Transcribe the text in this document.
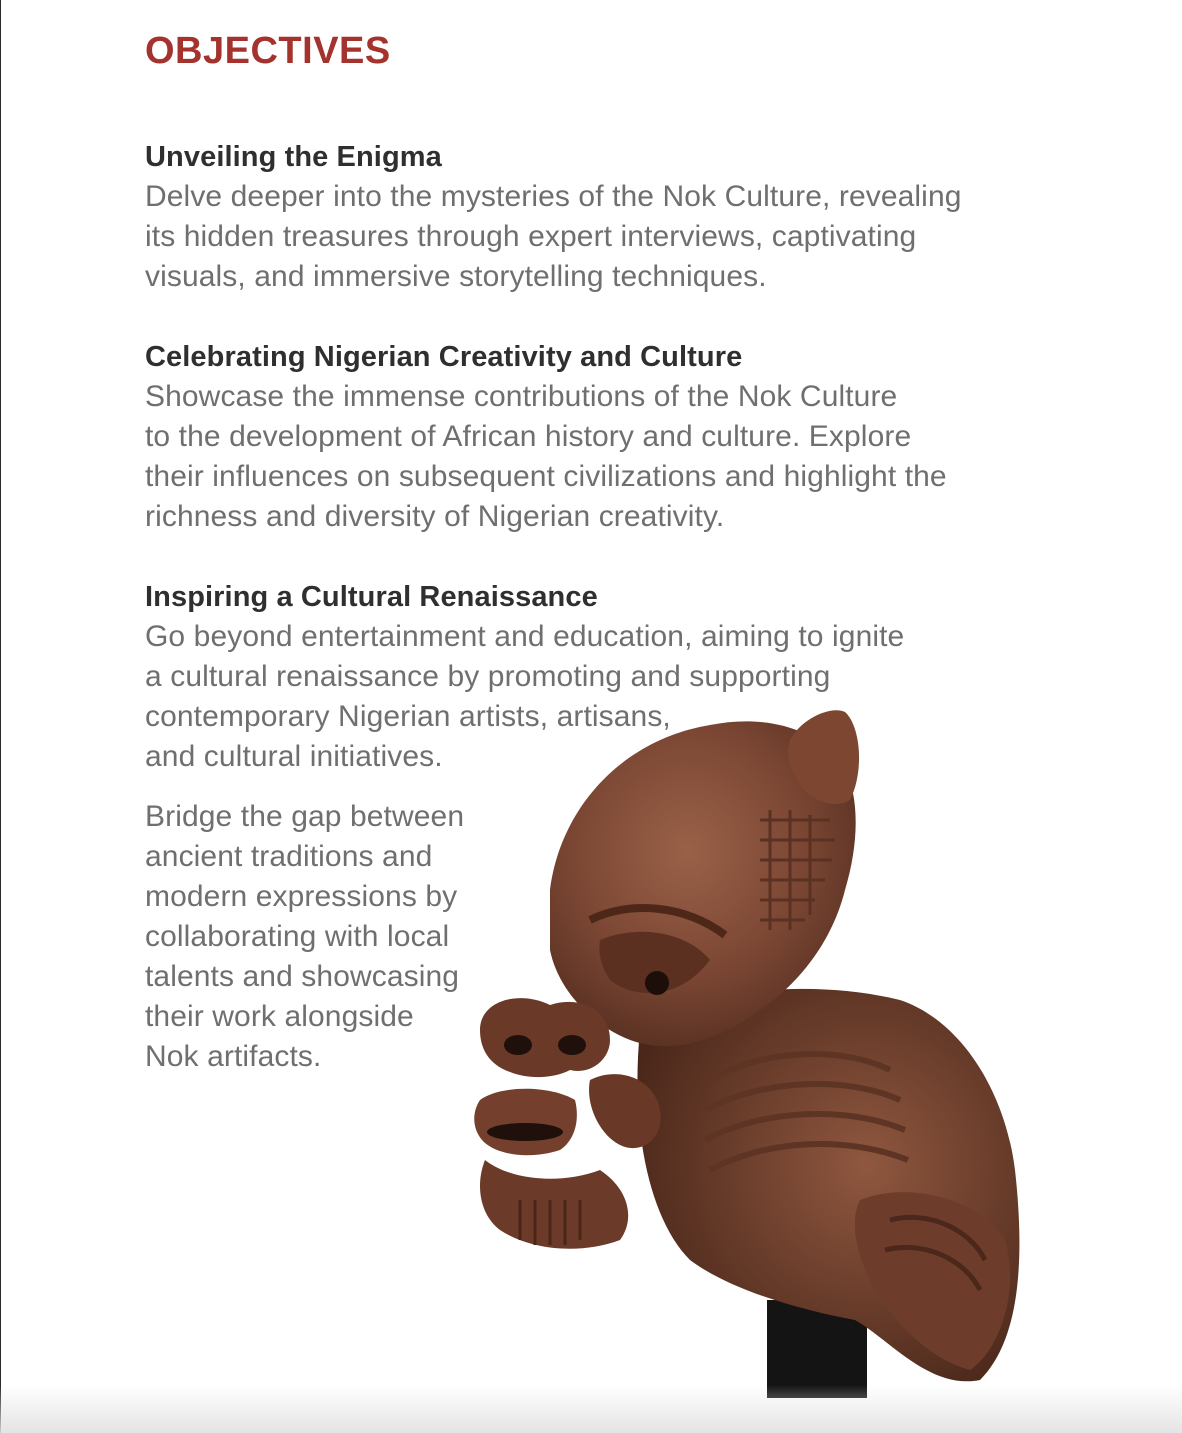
OBJECTIVES
Unveiling the Enigma

Delve deeper into the mysteries of the Nok Culture, revealing

its hidden treasures through expert interviews, captivating

visuals, and immersive storytelling techniques.

Celebrating Nigerian Creativity and Culture

Showcase the immense contributions of the Nok Culture

to the development of African history and culture. Explore

their influences on subsequent civilizations and highlight the

richness and diversity of Nigerian creativity.

Inspiring a Cultural Renaissance

Go beyond entertainment and education, aiming to ignite

a cultural renaissance by promoting and supporting

contemporary Nigerian artists, artisans,

and cultural initiatives.

Bridge the gap between

ancient traditions and

modern expressions by

collaborating with local

talents and showcasing

their work alongside

Nok artifacts.
